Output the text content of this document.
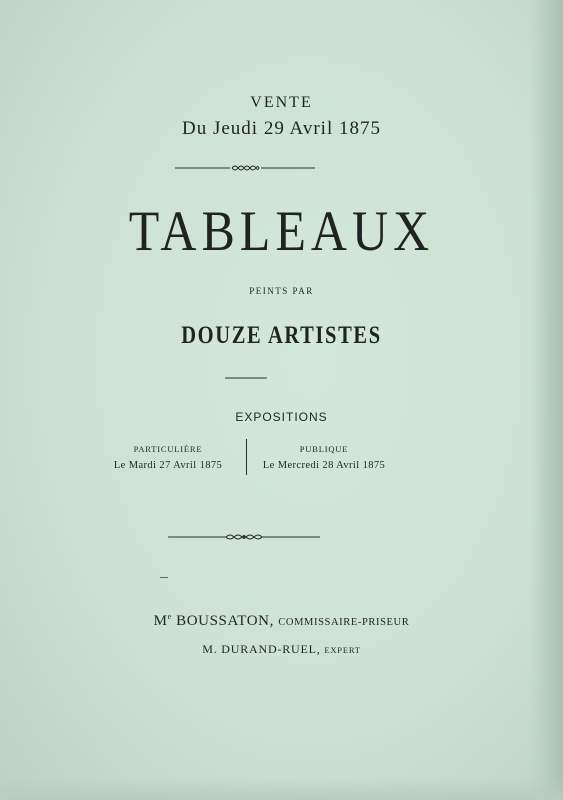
VENTE
Du Jeudi 29 Avril 1875
TABLEAUX
PEINTS PAR
DOUZE ARTISTES
EXPOSITIONS
PARTICULIÈRE
Le Mardi 27 Avril 1875
PUBLIQUE
Le Mercredi 28 Avril 1875
Me BOUSSATON, COMMISSAIRE-PRISEUR
M. DURAND-RUEL, EXPERT
